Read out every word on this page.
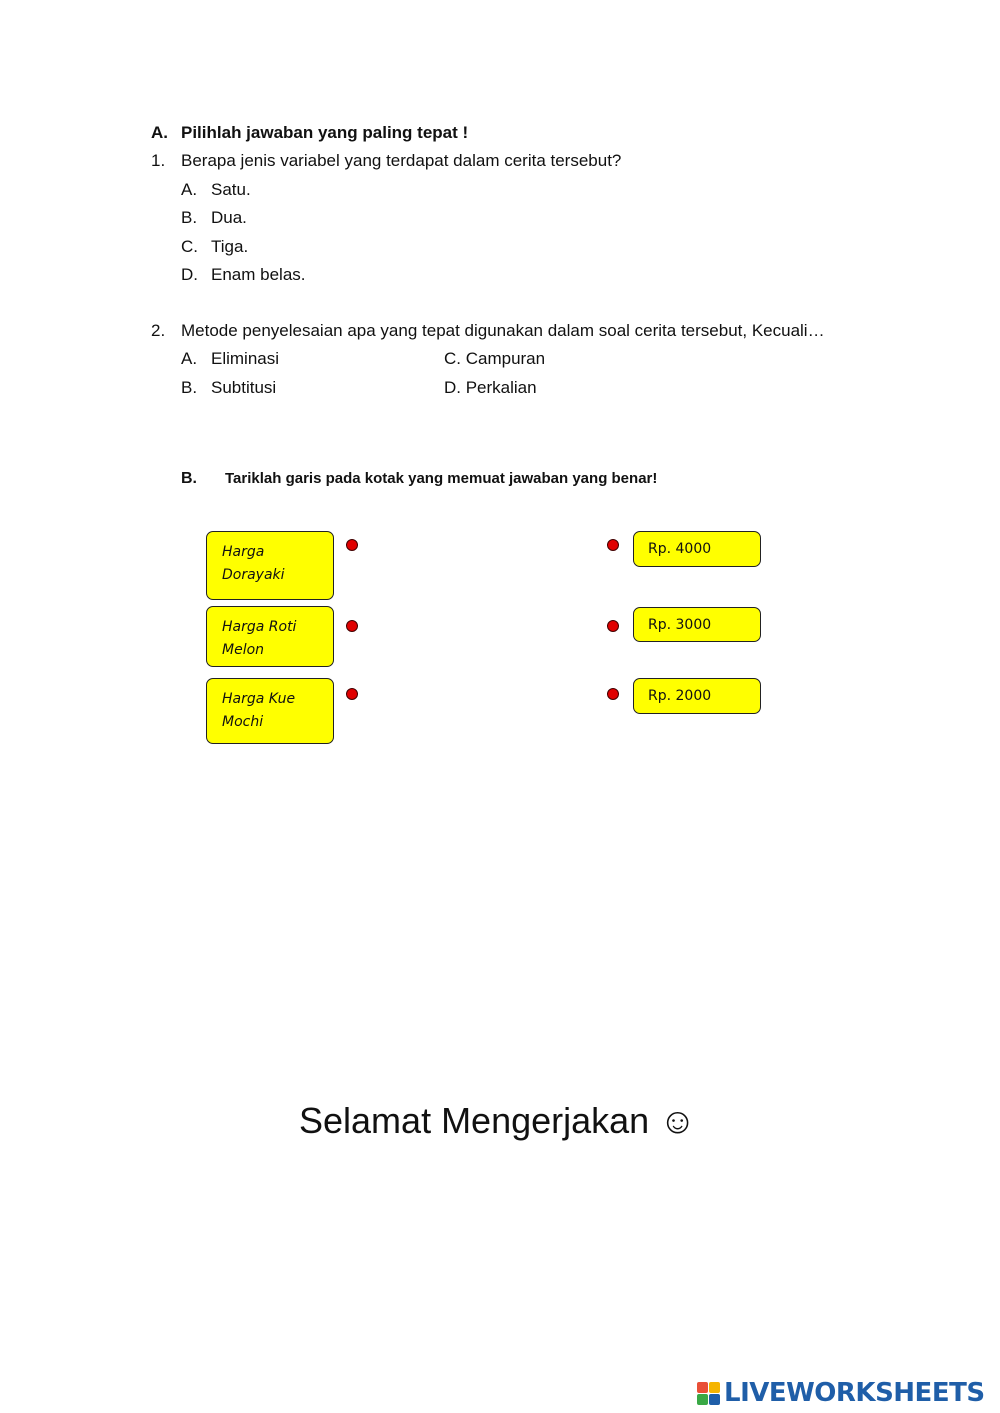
A. Pilihlah jawaban yang paling tepat !
1. Berapa jenis variabel yang terdapat dalam cerita tersebut?
A. Satu.
B. Dua.
C. Tiga.
D. Enam belas.
2. Metode penyelesaian apa yang tepat digunakan dalam soal cerita tersebut, Kecuali…
A. Eliminasi
B. Subtitusi
C. Campuran
D. Perkalian
B. Tariklah garis pada kotak yang memuat jawaban yang benar!
Harga
Dorayaki
Harga Roti
Melon
Harga Kue
Mochi
Rp. 4000
Rp. 3000
Rp. 2000
Selamat Mengerjakan ☺
LIVEWORKSHEETS
